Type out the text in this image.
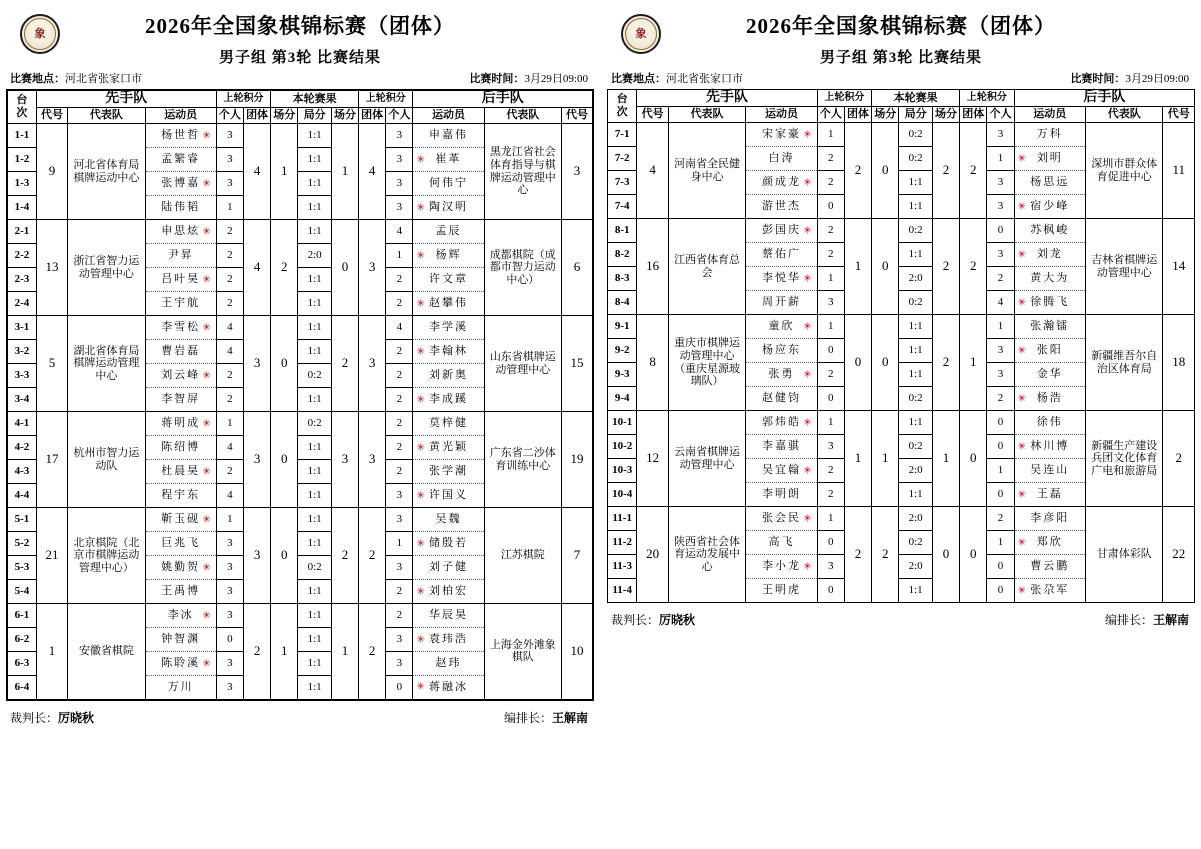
象	2026年全国象棋锦标赛（团体）
男子组 第3轮 比赛结果
比赛地点：河北省张家口市	比赛时间：3月29日09:00
台
次	先手队			上轮积分		本轮赛果			上轮积分		后手队		
	代号	代表队	运动员	个人	团体	场分	局分	场分	团体	个人	运动员	代表队	代号
1-1	9	河北省体育局棋牌运动中心	杨世哲 ✳	3	4	1	1:1	1	4	3	申嘉伟	黑龙江省社会体育指导与棋牌运动管理中心	3
1-2			孟繁睿	3			1:1			3	✳ 崔革		
1-3			张博嘉 ✳	3			1:1			3	何伟宁		
1-4			陆伟韬	1			1:1			3	✳ 陶汉明		
2-1	13	浙江省智力运动管理中心	申思炫 ✳	2	4	2	1:1	0	3	4	孟辰	成都棋院（成都市智力运动中心）	6
2-2			尹昇	2			2:0			1	✳ 杨辉		
2-3			吕叶昊 ✳	2			1:1			2	许文章		
2-4			王宇航	2			1:1			2	✳ 赵攀伟		
3-1	5	湖北省体育局棋牌运动管理中心	李雪松 ✳	4	3	0	1:1	2	3	4	李学溪	山东省棋牌运动管理中心	15
3-2			曹岩磊	4			1:1			2	✳ 李翰林		
3-3			刘云峰 ✳	2			0:2			2	刘新奥		
3-4			李智屏	2			1:1			2	✳ 李成蹊		
4-1	17	杭州市智力运动队	蒋明成 ✳	1	3	0	0:2	3	3	2	莫梓健	广东省二沙体育训练中心	19
4-2			陈绍博	4			1:1			2	✳ 黄光颖		
4-3			杜晨昊 ✳	2			1:1			2	张学潮		
4-4			程宇东	4			1:1			3	✳ 许国义		
5-1	21	北京棋院（北京市棋牌运动管理中心）	靳玉砚 ✳	1	3	0	1:1	2	2	3	吴魏	江苏棋院	7
5-2			巨兆飞	3			1:1			1	✳ 储殷若		
5-3			姚勤贺 ✳	3			0:2			3	刘子健		
5-4			王禹博	3			1:1			2	✳ 刘柏宏		
6-1	1	安徽省棋院	李冰 ✳	3	2	1	1:1	1	2	2	华辰昊	上海金外滩象棋队	10
6-2			钟智渊	0			1:1			3	✳ 袁玮浩		
6-3			陈聆溪 ✳	3			1:1			3	赵玮		
6-4			万川	3			1:1			0	✳ 蒋融冰		
裁判长：厉晓秋	编排长：王解南
象	2026年全国象棋锦标赛（团体）
男子组 第3轮 比赛结果
比赛地点：河北省张家口市	比赛时间：3月29日09:00
台
次	先手队			上轮积分		本轮赛果			上轮积分		后手队		
	代号	代表队	运动员	个人	团体	场分	局分	场分	团体	个人	运动员	代表队	代号
7-1	4	河南省全民健身中心	宋家豪 ✳	1	2	0	0:2	2	2	3	万科	深圳市群众体育促进中心	11
7-2			白涛	2			0:2			1	✳ 刘明		
7-3			颜成龙 ✳	2			1:1			3	杨思远		
7-4			游世杰	0			1:1			3	✳ 宿少峰		
8-1	16	江西省体育总会	彭国庆 ✳	2	1	0	0:2	2	2	0	苏枫峻	吉林省棋牌运动管理中心	14
8-2			蔡佑广	2			1:1			3	✳ 刘龙		
8-3			李悦华 ✳	1			2:0			2	黄大为		
8-4			周开薪	3			0:2			4	✳ 徐腾飞		
9-1	8	重庆市棋牌运动管理中心（重庆星源玻璃队）	童欣 ✳	1	0	0	1:1	2	1	1	张瀚镭	新疆维吾尔自治区体育局	18
9-2			杨应东	0			1:1			3	✳ 张阳		
9-3			张勇 ✳	2			1:1			3	金华		
9-4			赵健钧	0			0:2			2	✳ 杨浩		
10-1	12	云南省棋牌运动管理中心	郭炜皓 ✳	1	1	1	1:1	1	0	0	徐伟	新疆生产建设兵团文化体育广电和旅游局	2
10-2			李嘉骐	3			0:2			0	✳ 林川博		
10-3			吴宜翰 ✳	2			2:0			1	吴连山		
10-4			李明朗	2			1:1			0	✳ 王磊		
11-1	20	陕西省社会体育运动发展中心	张会民 ✳	1	2	2	2:0	0	0	2	李彦阳	甘肃体彩队	22
11-2			高飞	0			0:2			1	✳ 郑欣		
11-3			李小龙 ✳	3			2:0			0	曹云鹏		
11-4			王明虎	0			1:1			0	✳ 张尕军		
裁判长：厉晓秋	编排长：王解南
